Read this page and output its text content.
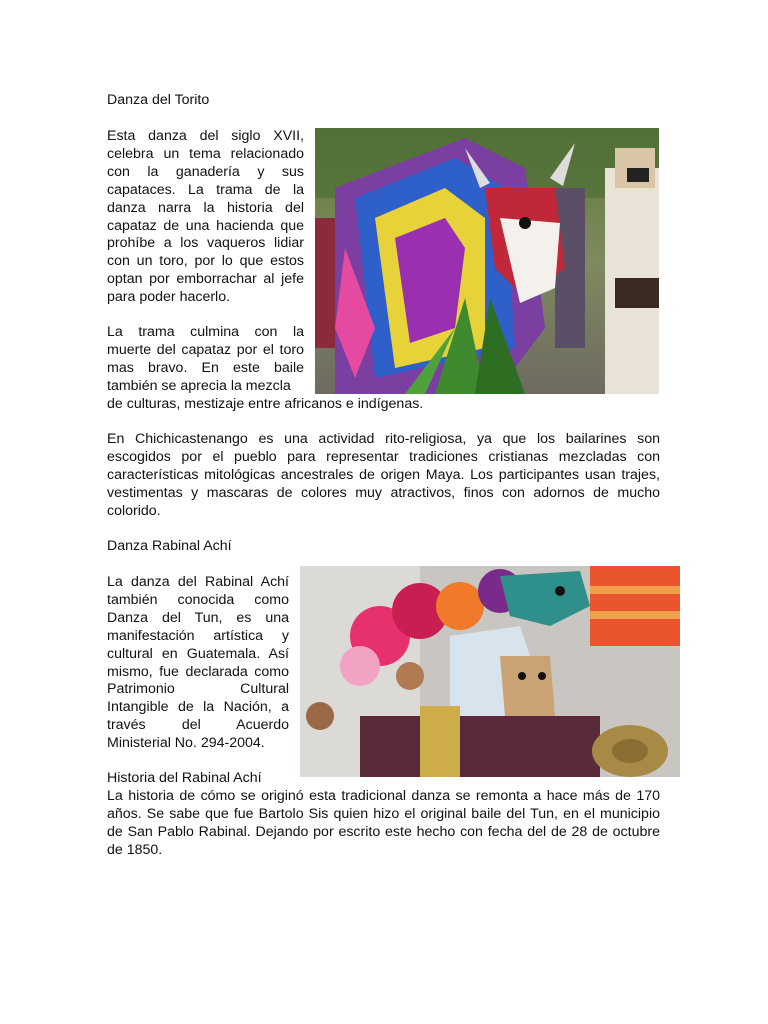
Danza del Torito
Esta danza del siglo XVII, celebra un tema relacionado con la ganadería y sus capataces. La trama de la danza narra la historia del capataz de una hacienda que prohíbe a los vaqueros lidiar con un toro, por lo que estos optan por emborrachar al jefe para poder hacerlo.
La trama culmina con la muerte del capataz por el toro mas bravo. En este baile también se aprecia la mezcla
de culturas, mestizaje entre africanos e indígenas.
En Chichicastenango es una actividad rito-religiosa, ya que los bailarines son escogidos por el pueblo para representar tradiciones cristianas mezcladas con características mitológicas ancestrales de origen Maya. Los participantes usan trajes, vestimentas y mascaras de colores muy atractivos, finos con adornos de mucho colorido.
Danza Rabinal Achí
La danza del Rabinal Achí también conocida como Danza del Tun, es una manifestación artística y cultural en Guatemala. Así mismo, fue declarada como Patrimonio Cultural Intangible de la Nación, a través del Acuerdo Ministerial No. 294-2004.
Historia del Rabinal Achí
La historia de cómo se originó esta tradicional danza se remonta a hace más de 170 años. Se sabe que fue Bartolo Sis quien hizo el original baile del Tun, en el municipio de San Pablo Rabinal. Dejando por escrito este hecho con fecha del de 28 de octubre de 1850.
